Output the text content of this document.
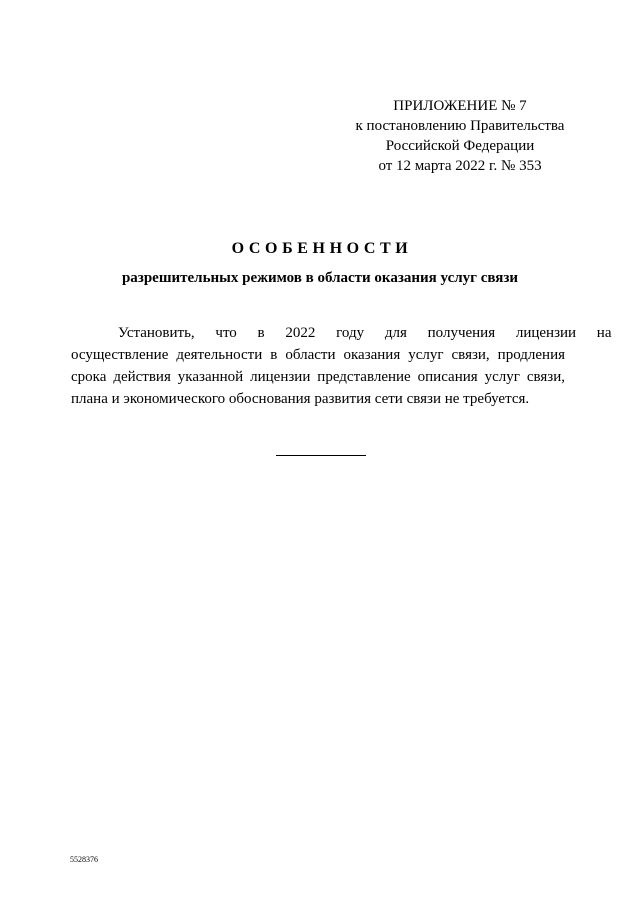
ПРИЛОЖЕНИЕ № 7
к постановлению Правительства
Российской Федерации
от 12 марта 2022 г. № 353
ОСОБЕННОСТИ
разрешительных режимов в области оказания услуг связи
Установить, что в 2022 году для получения лицензии на
осуществление деятельности в области оказания услуг связи, продления
срока действия указанной лицензии представление описания услуг связи,
плана и экономического обоснования развития сети связи не требуется.
5528376
